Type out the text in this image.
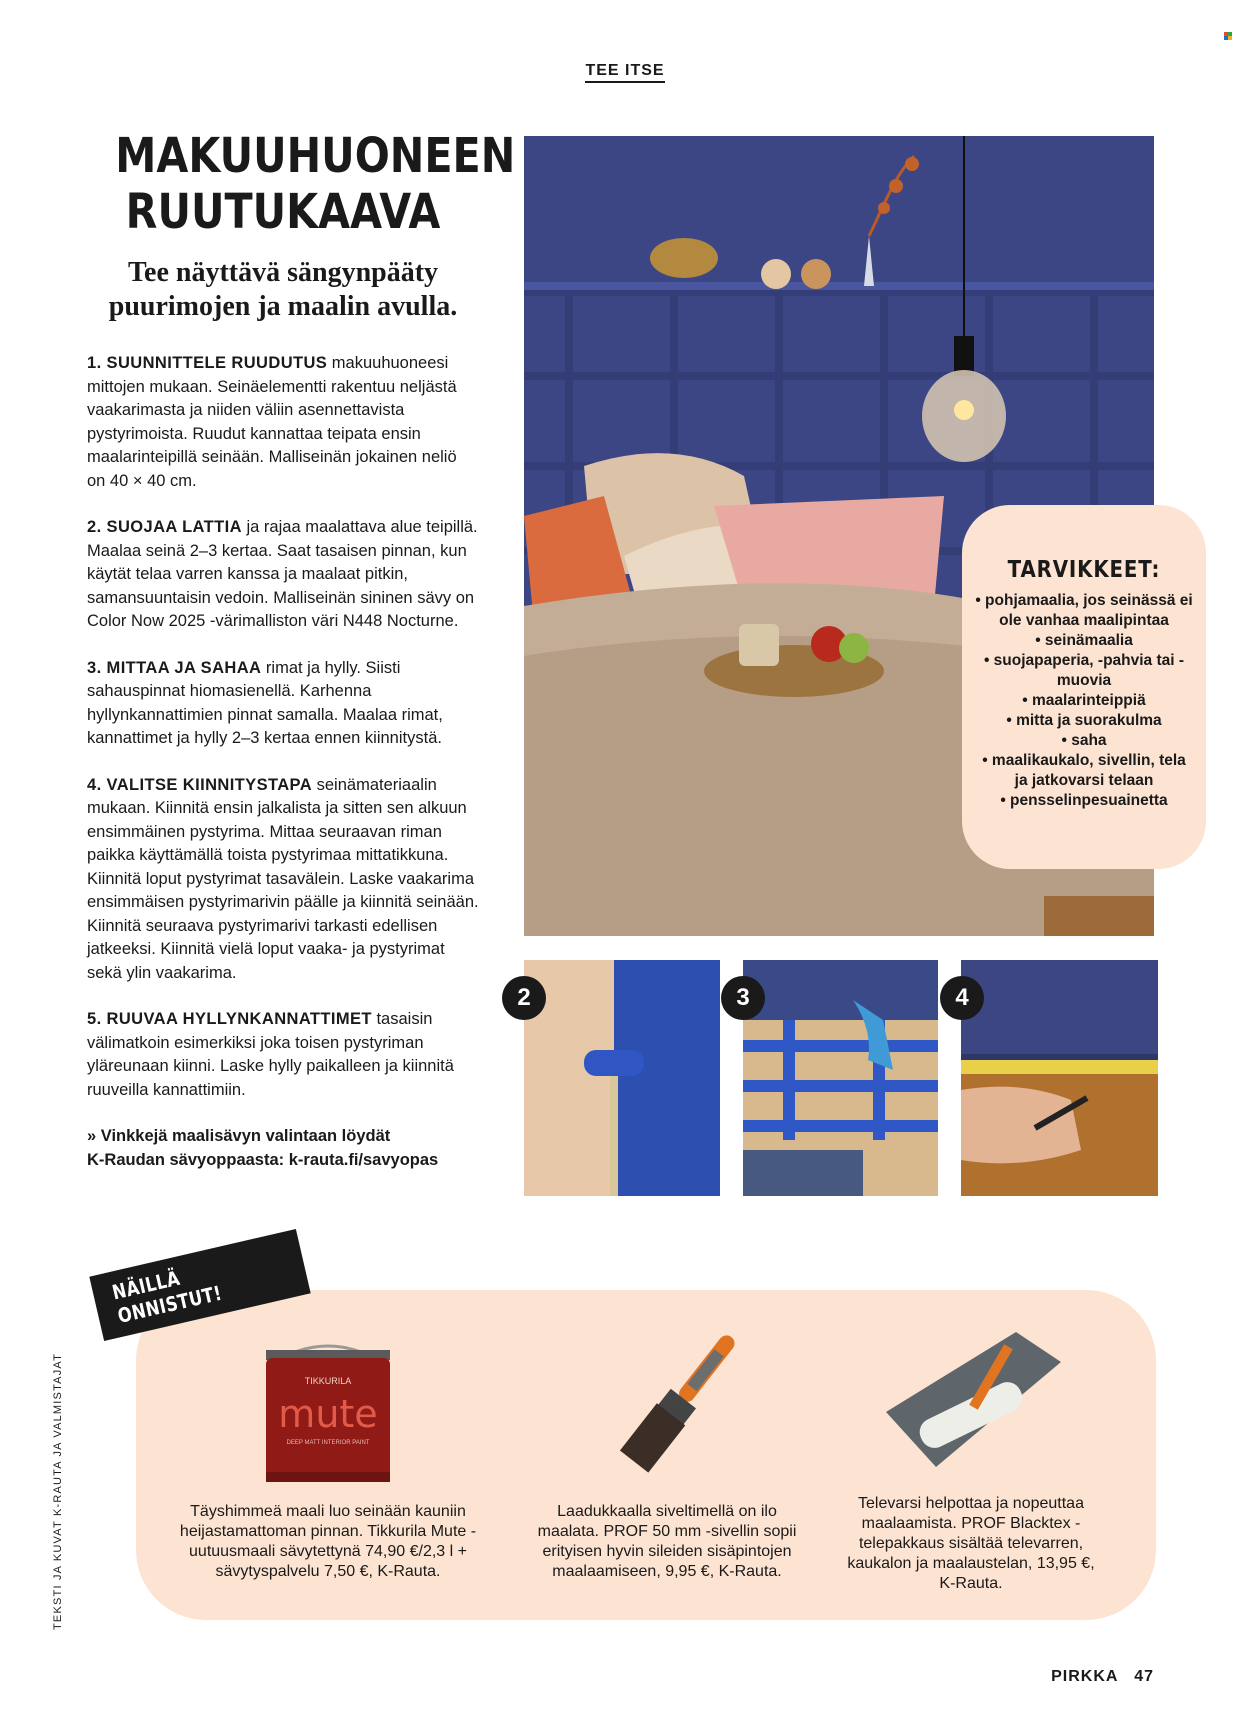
TEE ITSE
MAKUUHUONEEN
RUUTUKAAVA
Tee näyttävä sängynpääty puurimojen ja maalin avulla.

1. SUUNNITTELE RUUDUTUS makuuhuoneesi mittojen mukaan. Seinäelementti rakentuu neljästä vaakarimasta ja niiden väliin asennettavista pystyrimoista. Ruudut kannattaa teipata ensin maalarinteipillä seinään. Malliseinän jokainen neliö on 40 × 40 cm.

2. SUOJAA LATTIA ja rajaa maalattava alue teipillä. Maalaa seinä 2–3 kertaa. Saat tasaisen pinnan, kun käytät telaa varren kanssa ja maalaat pitkin, samansuuntaisin vedoin. Malliseinän sininen sävy on Color Now 2025 -värimalliston väri N448 Nocturne.

3. MITTAA JA SAHAA rimat ja hylly. Siisti sahauspinnat hiomasienellä. Karhenna hyllynkannattimien pinnat samalla. Maalaa rimat, kannattimet ja hylly 2–3 kertaa ennen kiinnitystä.

4. VALITSE KIINNITYSTAPA seinämateriaalin mukaan. Kiinnitä ensin jalkalista ja sitten sen alkuun ensimmäinen pystyrima. Mittaa seuraavan riman paikka käyttämällä toista pystyrimaa mittatikkuna. Kiinnitä loput pystyrimat tasavälein. Laske vaakarima ensimmäisen pystyrimarivin päälle ja kiinnitä seinään. Kiinnitä seuraava pystyrimarivi tarkasti edellisen jatkeeksi. Kiinnitä vielä loput vaaka- ja pystyrimat sekä ylin vaakarima.

5. RUUVAA HYLLYNKANNATTIMET tasaisin välimatkoin esimerkiksi joka toisen pystyriman yläreunaan kiinni. Laske hylly paikalleen ja kiinnitä ruuveilla kannattimiin.

» Vinkkejä maalisävyn valintaan löydät
K-Raudan sävyoppaasta: k-rauta.fi/savyopas
TARVIKKEET:
• pohjamaalia, jos seinässä ei ole vanhaa maalipintaa
• seinämaalia
• suojapaperia, -pahvia tai -muovia
• maalarinteippiä
• mitta ja suorakulma
• saha
• maalikaukalo, sivellin, tela ja jatkovarsi telaan
• pensselinpesuainetta
2	3	4
NÄILLÄ ONNISTUT!
TIKKURILA
mute
DEEP MATT INTERIOR PAINT
Täyshimmeä maali luo seinään kauniin heijastamattoman pinnan. Tikkurila Mute -uutuusmaali sävytettynä 74,90 €/2,3 l + sävytyspalvelu 7,50 €, K-Rauta.
Laadukkaalla siveltimellä on ilo maalata. PROF 50 mm -sivellin sopii erityisen hyvin sileiden sisäpintojen maalaamiseen, 9,95 €, K-Rauta.
Televarsi helpottaa ja nopeuttaa maalaamista. PROF Blacktex -telepakkaus sisältää televarren, kaukalon ja maalaustelan, 13,95 €, K-Rauta.
TEKSTI JA KUVAT K-RAUTA JA VALMISTAJAT
PIRKKA 47
